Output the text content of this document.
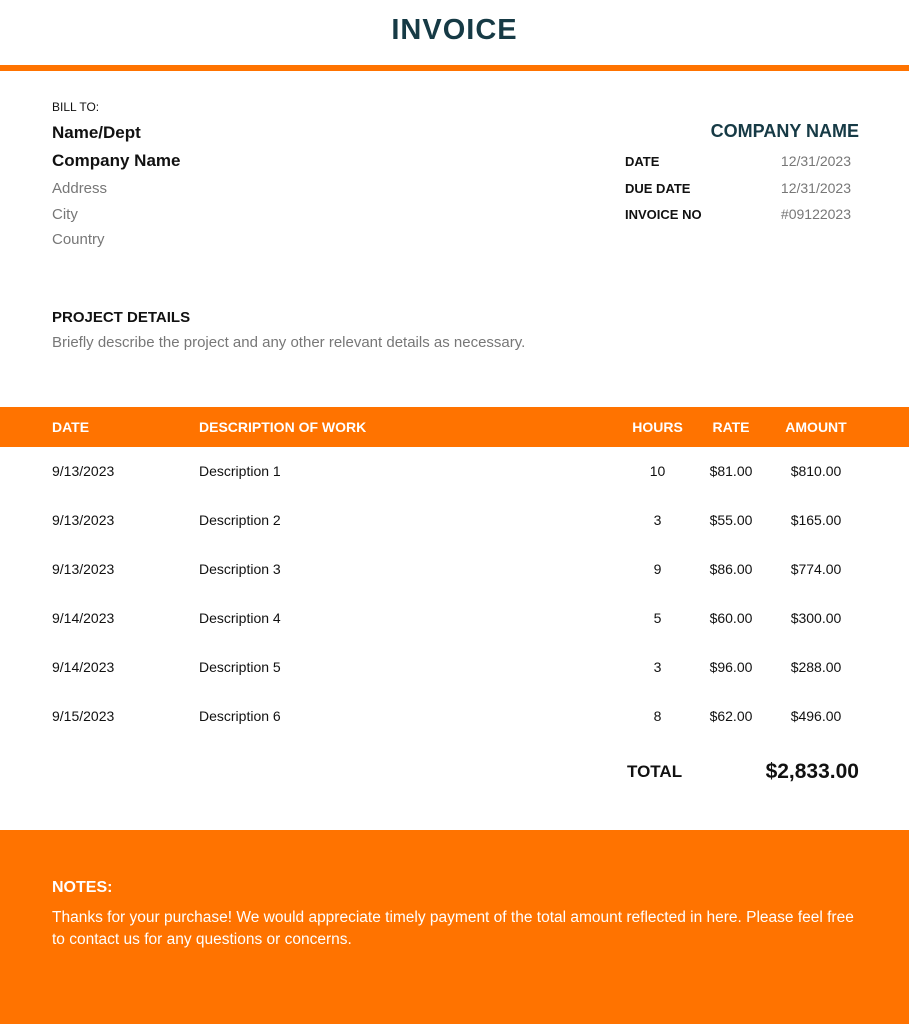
INVOICE
BILL TO:
Name/Dept
Company Name
Address
City
Country
COMPANY NAME
DATE	12/31/2023
DUE DATE	12/31/2023
INVOICE NO	#09122023
PROJECT DETAILS
Briefly describe the project and any other relevant details as necessary.
DATE	DESCRIPTION OF WORK	HOURS	RATE	AMOUNT
9/13/2023	Description 1	10	$81.00	$810.00
9/13/2023	Description 2	3	$55.00	$165.00
9/13/2023	Description 3	9	$86.00	$774.00
9/14/2023	Description 4	5	$60.00	$300.00
9/14/2023	Description 5	3	$96.00	$288.00
9/15/2023	Description 6	8	$62.00	$496.00
TOTAL	$2,833.00
NOTES:
Thanks for your purchase! We would appreciate timely payment of the total amount reflected in here. Please feel free to contact us for any questions or concerns.
